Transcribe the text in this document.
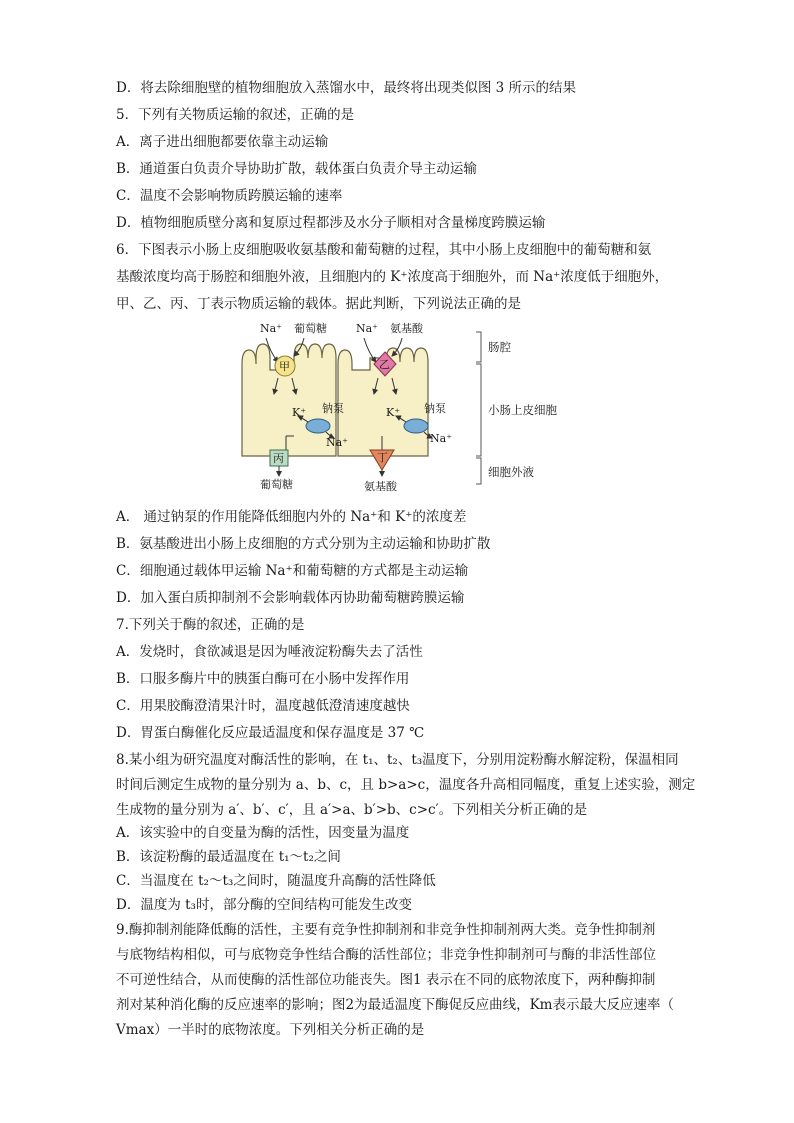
D．将去除细胞壁的植物细胞放入蒸馏水中，最终将出现类似图 3 所示的结果
5．下列有关物质运输的叙述，正确的是
A．离子进出细胞都要依靠主动运输
B．通道蛋白负责介导协助扩散，载体蛋白负责介导主动运输
C．温度不会影响物质跨膜运输的速率
D．植物细胞质壁分离和复原过程都涉及水分子顺相对含量梯度跨膜运输
6．下图表示小肠上皮细胞吸收氨基酸和葡萄糖的过程，其中小肠上皮细胞中的葡萄糖和氨
基酸浓度均高于肠腔和细胞外液，且细胞内的 K⁺浓度高于细胞外，而 Na⁺浓度低于细胞外，
甲、乙、丙、丁表示物质运输的载体。据此判断，下列说法正确的是
Na⁺ 葡萄糖
甲
Na⁺ 氨基酸
乙
K⁺ 钠泵
Na⁺
K⁺ 钠泵
Na⁺
丙
葡萄糖
丁
氨基酸
肠腔
小肠上皮细胞
细胞外液
A． 通过钠泵的作用能降低细胞内外的 Na⁺和 K⁺的浓度差
B．氨基酸进出小肠上皮细胞的方式分别为主动运输和协助扩散
C．细胞通过载体甲运输 Na⁺和葡萄糖的方式都是主动运输
D．加入蛋白质抑制剂不会影响载体丙协助葡萄糖跨膜运输
7.下列关于酶的叙述，正确的是
A．发烧时，食欲减退是因为唾液淀粉酶失去了活性
B．口服多酶片中的胰蛋白酶可在小肠中发挥作用
C．用果胶酶澄清果汁时，温度越低澄清速度越快
D．胃蛋白酶催化反应最适温度和保存温度是 37 ℃
8.某小组为研究温度对酶活性的影响，在 t₁、t₂、t₃温度下，分别用淀粉酶水解淀粉，保温相同
时间后测定生成物的量分别为 a、b、c，且 b>a>c，温度各升高相同幅度，重复上述实验，测定
生成物的量分别为 a′、b′、c′，且 a′>a、b′>b、c>c′。下列相关分析正确的是
A．该实验中的自变量为酶的活性，因变量为温度
B．该淀粉酶的最适温度在 t₁～t₂之间
C．当温度在 t₂～t₃之间时，随温度升高酶的活性降低
D．温度为 t₃时，部分酶的空间结构可能发生改变
9.酶抑制剂能降低酶的活性，主要有竞争性抑制剂和非竞争性抑制剂两大类。竞争性抑制剂
与底物结构相似，可与底物竞争性结合酶的活性部位；非竞争性抑制剂可与酶的非活性部位
不可逆性结合，从而使酶的活性部位功能丧失。图1 表示在不同的底物浓度下，两种酶抑制
剂对某种消化酶的反应速率的影响；图2为最适温度下酶促反应曲线，Km表示最大反应速率（
Vmax）一半时的底物浓度。下列相关分析正确的是
